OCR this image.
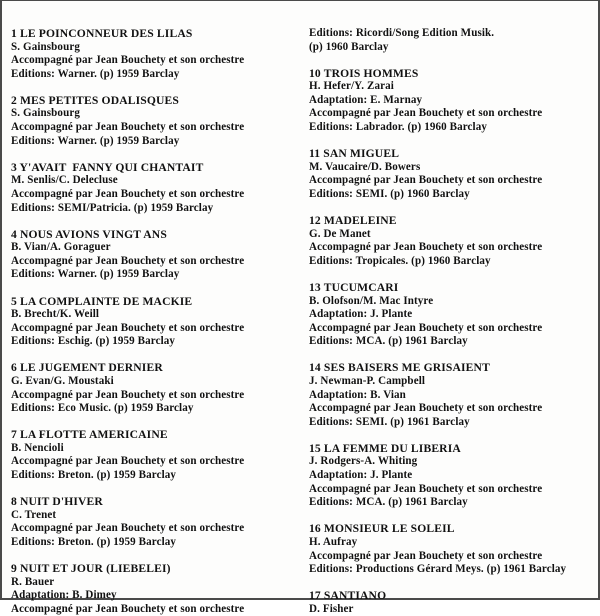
1 LE POINCONNEUR DES LILAS
S. Gainsbourg
Accompagné par Jean Bouchety et son orchestre
Editions: Warner. (p) 1959 Barclay
2 MES PETITES ODALISQUES
S. Gainsbourg
Accompagné par Jean Bouchety et son orchestre
Editions: Warner. (p) 1959 Barclay
3 Y'AVAIT  FANNY QUI CHANTAIT
M. Senlis/C. Delecluse
Accompagné par Jean Bouchety et son orchestre
Editions: SEMI/Patricia. (p) 1959 Barclay
4 NOUS AVIONS VINGT ANS
B. Vian/A. Goraguer
Accompagné par Jean Bouchety et son orchestre
Editions: Warner. (p) 1959 Barclay
5 LA COMPLAINTE DE MACKIE
B. Brecht/K. Weill
Accompagné par Jean Bouchety et son orchestre
Editions: Eschig. (p) 1959 Barclay
6 LE JUGEMENT DERNIER
G. Evan/G. Moustaki
Accompagné par Jean Bouchety et son orchestre
Editions: Eco Music. (p) 1959 Barclay
7 LA FLOTTE AMERICAINE
B. Nencioli
Accompagné par Jean Bouchety et son orchestre
Editions: Breton. (p) 1959 Barclay
8 NUIT D'HIVER
C. Trenet
Accompagné par Jean Bouchety et son orchestre
Editions: Breton. (p) 1959 Barclay
9 NUIT ET JOUR (LIEBELEI)
R. Bauer
Adaptation: B. Dimey
Accompagné par Jean Bouchety et son orchestre
Editions: Ricordi/Song Edition Musik.
(p) 1960 Barclay
10 TROIS HOMMES
H. Hefer/Y. Zarai
Adaptation: E. Marnay
Accompagné par Jean Bouchety et son orchestre
Editions: Labrador. (p) 1960 Barclay
11 SAN MIGUEL
M. Vaucaire/D. Bowers
Accompagné par Jean Bouchety et son orchestre
Editions: SEMI. (p) 1960 Barclay
12 MADELEINE
G. De Manet
Accompagné par Jean Bouchety et son orchestre
Editions: Tropicales. (p) 1960 Barclay
13 TUCUMCARI
B. Olofson/M. Mac Intyre
Adaptation: J. Plante
Accompagné par Jean Bouchety et son orchestre
Editions: MCA. (p) 1961 Barclay
14 SES BAISERS ME GRISAIENT
J. Newman-P. Campbell
Adaptation: B. Vian
Accompagné par Jean Bouchety et son orchestre
Editions: SEMI. (p) 1961 Barclay
15 LA FEMME DU LIBERIA
J. Rodgers-A. Whiting
Adaptation: J. Plante
Accompagné par Jean Bouchety et son orchestre
Editions: MCA. (p) 1961 Barclay
16 MONSIEUR LE SOLEIL
H. Aufray
Accompagné par Jean Bouchety et son orchestre
Editions: Productions Gérard Meys. (p) 1961 Barclay
17 SANTIANO
D. Fisher
